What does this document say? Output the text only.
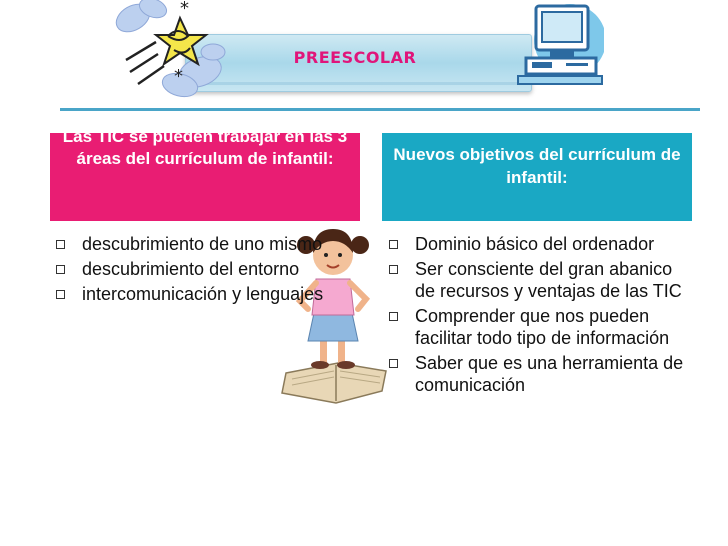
PREESCOLAR
*
*
Las TIC se pueden trabajar en las 3 áreas del currículum de infantil:	Nuevos objetivos del currículum de infantil:
descubrimiento de uno mismo
descubrimiento del entorno
intercomunicación y lenguajes
Dominio básico del ordenador
Ser consciente del gran abanico de recursos y ventajas de las TIC
Comprender que nos pueden facilitar todo tipo de información
Saber que es una herramienta de comunicación
